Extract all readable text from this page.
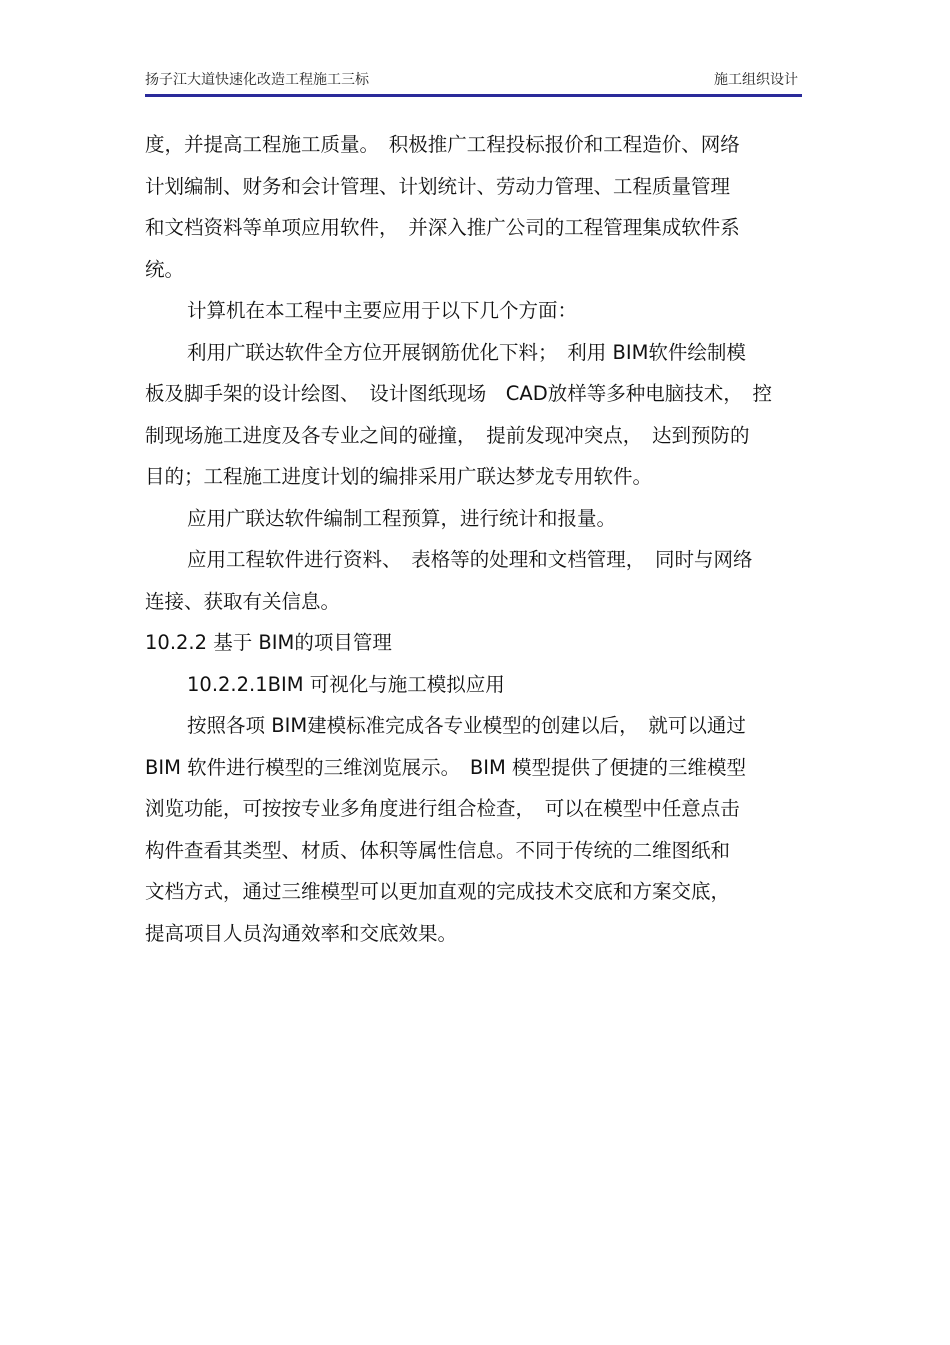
扬子江大道快速化改造工程施工三标	施工组织设计
度，并提高工程施工质量。　积极推广工程投标报价和工程造价、网络
计划编制、财务和会计管理、计划统计、劳动力管理、工程质量管理
和文档资料等单项应用软件，　并深入推广公司的工程管理集成软件系
统。
计算机在本工程中主要应用于以下几个方面：
利用广联达软件全方位开展钢筋优化下料；　利用 BIM软件绘制模
板及脚手架的设计绘图、　设计图纸现场　CAD放样等多种电脑技术，　控
制现场施工进度及各专业之间的碰撞，　提前发现冲突点，　达到预防的
目的；工程施工进度计划的编排采用广联达梦龙专用软件。
应用广联达软件编制工程预算，进行统计和报量。
应用工程软件进行资料、　表格等的处理和文档管理，　同时与网络
连接、获取有关信息。
10.2.2 基于 BIM的项目管理
10.2.2.1BIM 可视化与施工模拟应用
按照各项 BIM建模标准完成各专业模型的创建以后，　就可以通过
BIM 软件进行模型的三维浏览展示。　BIM 模型提供了便捷的三维模型
浏览功能，可按按专业多角度进行组合检查，　可以在模型中任意点击
构件查看其类型、材质、体积等属性信息。不同于传统的二维图纸和
文档方式，通过三维模型可以更加直观的完成技术交底和方案交底，
提高项目人员沟通效率和交底效果。
